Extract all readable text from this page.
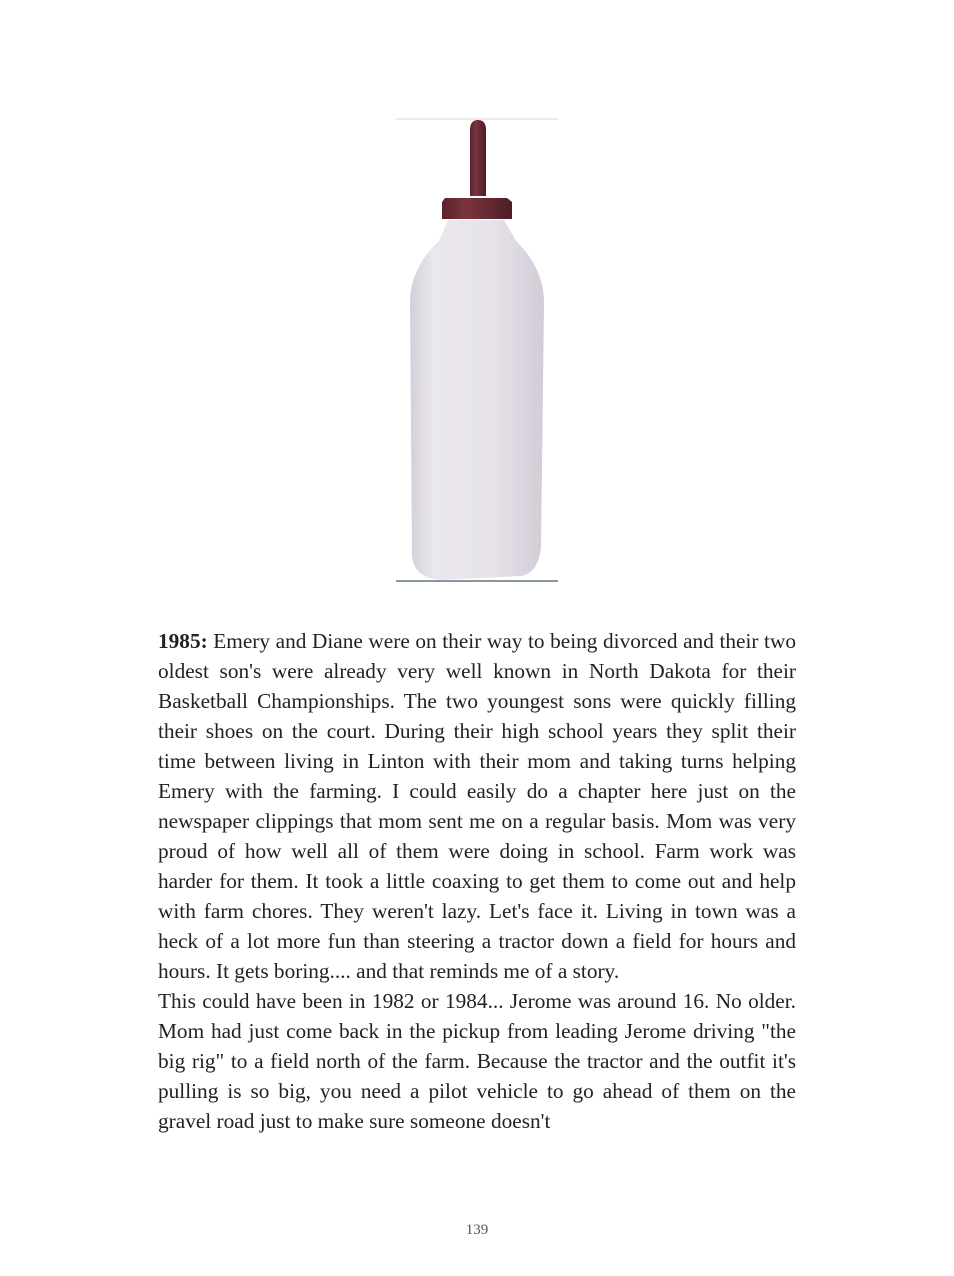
1985: Emery and Diane were on their way to being divorced and their two oldest son's were already very well known in North Dakota for their Basketball Championships. The two youngest sons were quickly filling their shoes on the court. During their high school years they split their time between living in Linton with their mom and taking turns helping Emery with the farming. I could easily do a chapter here just on the newspaper clippings that mom sent me on a regular basis. Mom was very proud of how well all of them were doing in school. Farm work was harder for them. It took a little coaxing to get them to come out and help with farm chores. They weren't lazy. Let's face it. Living in town was a heck of a lot more fun than steering a tractor down a field for hours and hours. It gets boring.... and that reminds me of a story.

This could have been in 1982 or 1984... Jerome was around 16. No older. Mom had just come back in the pickup from leading Jerome driving "the big rig" to a field north of the farm. Because the tractor and the outfit it's pulling is so big, you need a pilot vehicle to go ahead of them on the gravel road just to make sure someone doesn't

139
